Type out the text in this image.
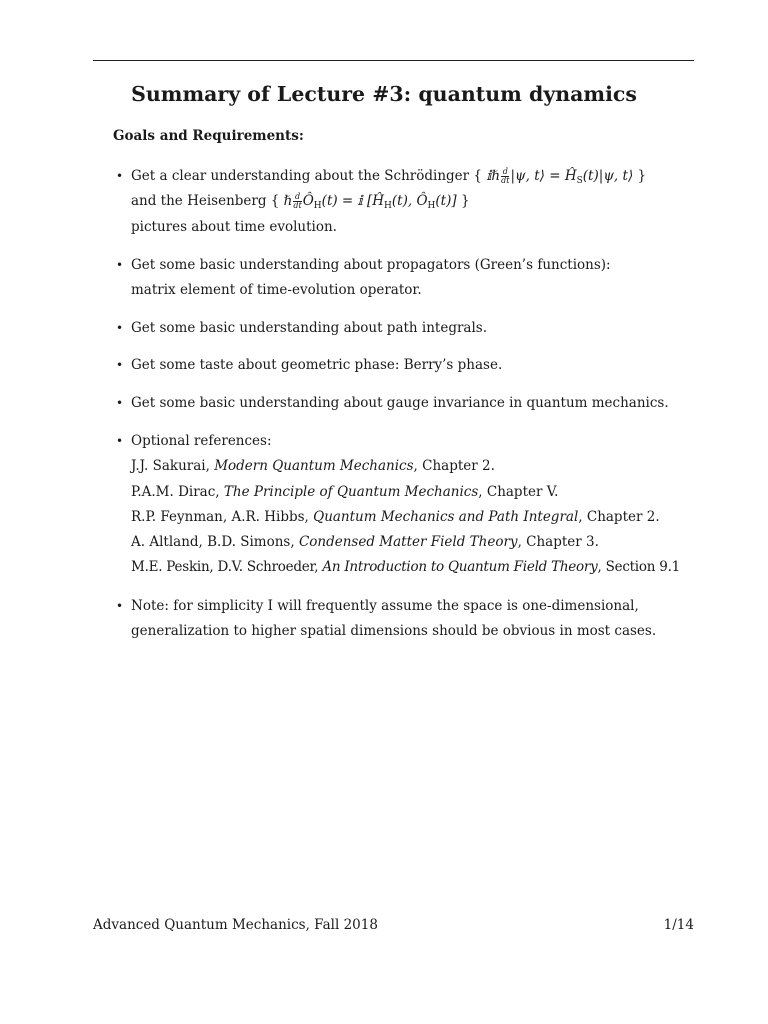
Summary of Lecture #3: quantum dynamics
Goals and Requirements:
• Get a clear understanding about the Schrödinger { 𝕚ℏ $\frac{d}{dt} |\psi$, t⟩ = $Ĥ_S(t)|\psi$, t⟩ }
and the Heisenberg { ℏ $\frac{d}{dt}$ $Ô_H(t)$ = 𝕚 [$Ĥ_H(t)$, $Ô_H(t)$] }
pictures about time evolution.
• Get some basic understanding about propagators (Green’s functions):
matrix element of time-evolution operator.
• Get some basic understanding about path integrals.
• Get some taste about geometric phase: Berry’s phase.
• Get some basic understanding about gauge invariance in quantum mechanics.
• Optional references:
J.J. Sakurai, Modern Quantum Mechanics, Chapter 2.
P.A.M. Dirac, The Principle of Quantum Mechanics, Chapter V.
R.P. Feynman, A.R. Hibbs, Quantum Mechanics and Path Integral, Chapter 2.
A. Altland, B.D. Simons, Condensed Matter Field Theory, Chapter 3.
M.E. Peskin, D.V. Schroeder, An Introduction to Quantum Field Theory, Section 9.1
• Note: for simplicity I will frequently assume the space is one-dimensional,
generalization to higher spatial dimensions should be obvious in most cases.
Advanced Quantum Mechanics, Fall 2018	1/14
